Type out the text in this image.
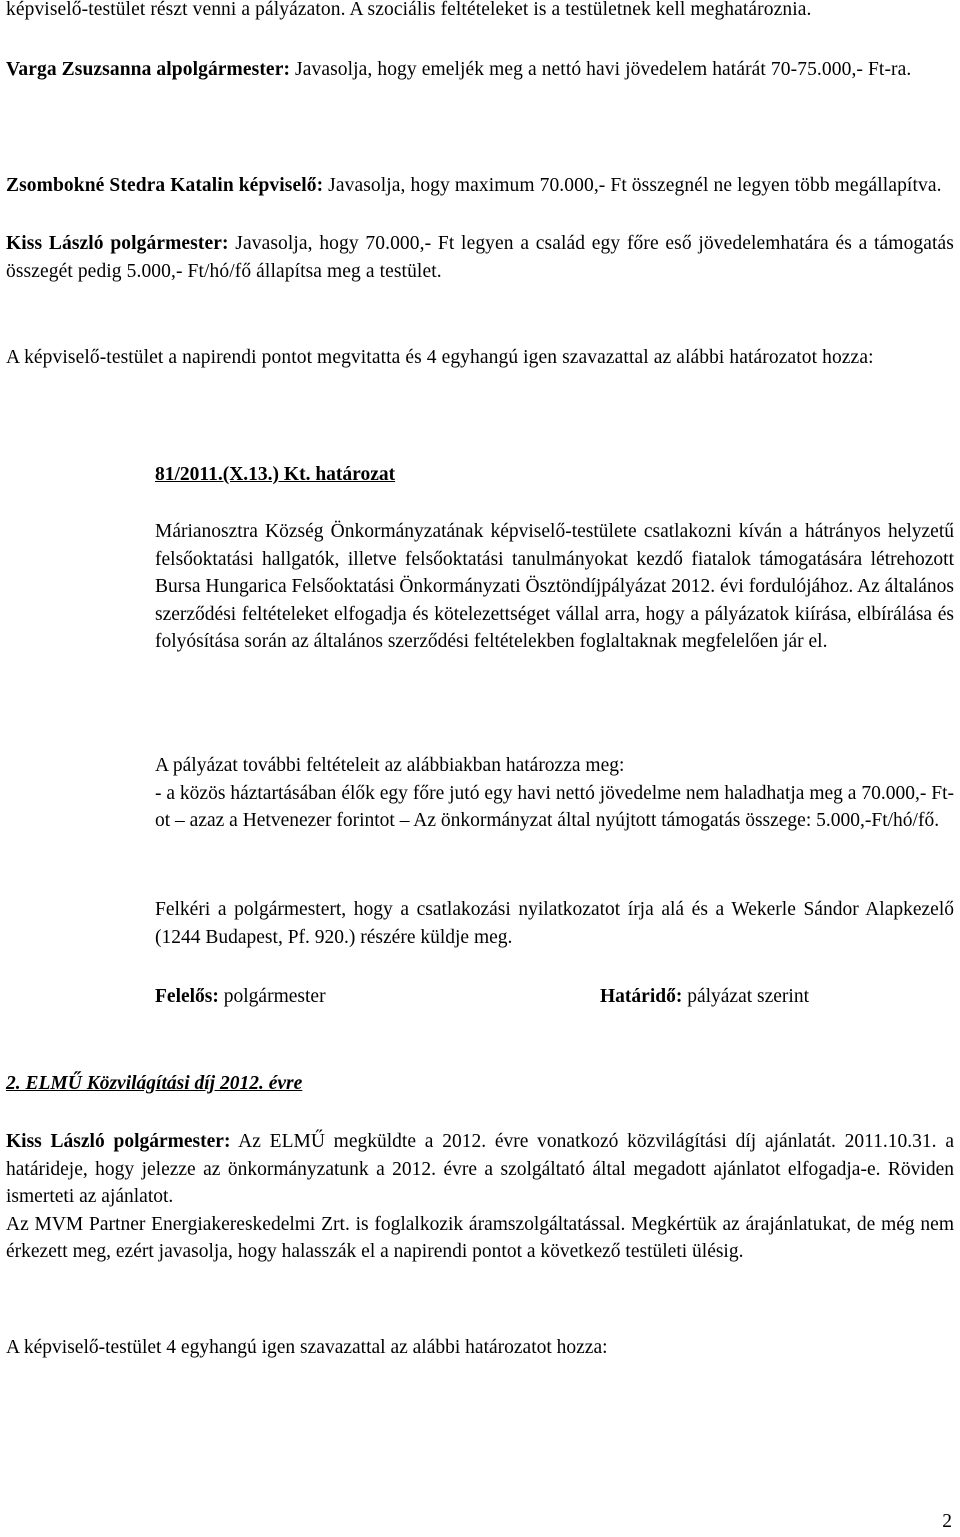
képviselő-testület részt venni a pályázaton. A szociális feltételeket is a testületnek kell meghatároznia.

Varga Zsuzsanna alpolgármester: Javasolja, hogy emeljék meg a nettó havi jövedelem határát 70-75.000,- Ft-ra.

Zsombokné Stedra Katalin képviselő: Javasolja, hogy maximum 70.000,- Ft összegnél ne legyen több megállapítva.

Kiss László polgármester: Javasolja, hogy 70.000,- Ft legyen a család egy főre eső jövedelemhatára és a támogatás összegét pedig 5.000,- Ft/hó/fő állapítsa meg a testület.

A képviselő-testület a napirendi pontot megvitatta és 4 egyhangú igen szavazattal az alábbi határozatot hozza:

81/2011.(X.13.) Kt. határozat

Márianosztra Község Önkormányzatának képviselő-testülete csatlakozni kíván a hátrányos helyzetű felsőoktatási hallgatók, illetve felsőoktatási tanulmányokat kezdő fiatalok támogatására létrehozott Bursa Hungarica Felsőoktatási Önkormányzati Ösztöndíjpályázat 2012. évi fordulójához. Az általános szerződési feltételeket elfogadja és kötelezettséget vállal arra, hogy a pályázatok kiírása, elbírálása és folyósítása során az általános szerződési feltételekben foglaltaknak megfelelően jár el.

A pályázat további feltételeit az alábbiakban határozza meg:
- a közös háztartásában élők egy főre jutó egy havi nettó jövedelme nem haladhatja meg a 70.000,- Ft-ot – azaz a Hetvenezer forintot – Az önkormányzat által nyújtott támogatás összege: 5.000,-Ft/hó/fő.

Felkéri a polgármestert, hogy a csatlakozási nyilatkozatot írja alá és a Wekerle Sándor Alapkezelő (1244 Budapest, Pf. 920.) részére küldje meg.

Felelős: polgármester	Határidő: pályázat szerint

2. ELMŰ Közvilágítási díj 2012. évre

Kiss László polgármester: Az ELMŰ megküldte a 2012. évre vonatkozó közvilágítási díj ajánlatát. 2011.10.31. a határideje, hogy jelezze az önkormányzatunk a 2012. évre a szolgáltató által megadott ajánlatot elfogadja-e. Röviden ismerteti az ajánlatot.
Az MVM Partner Energiakereskedelmi Zrt. is foglalkozik áramszolgáltatással. Megkértük az árajánlatukat, de még nem érkezett meg, ezért javasolja, hogy halasszák el a napirendi pontot a következő testületi ülésig.

A képviselő-testület 4 egyhangú igen szavazattal az alábbi határozatot hozza:

2
